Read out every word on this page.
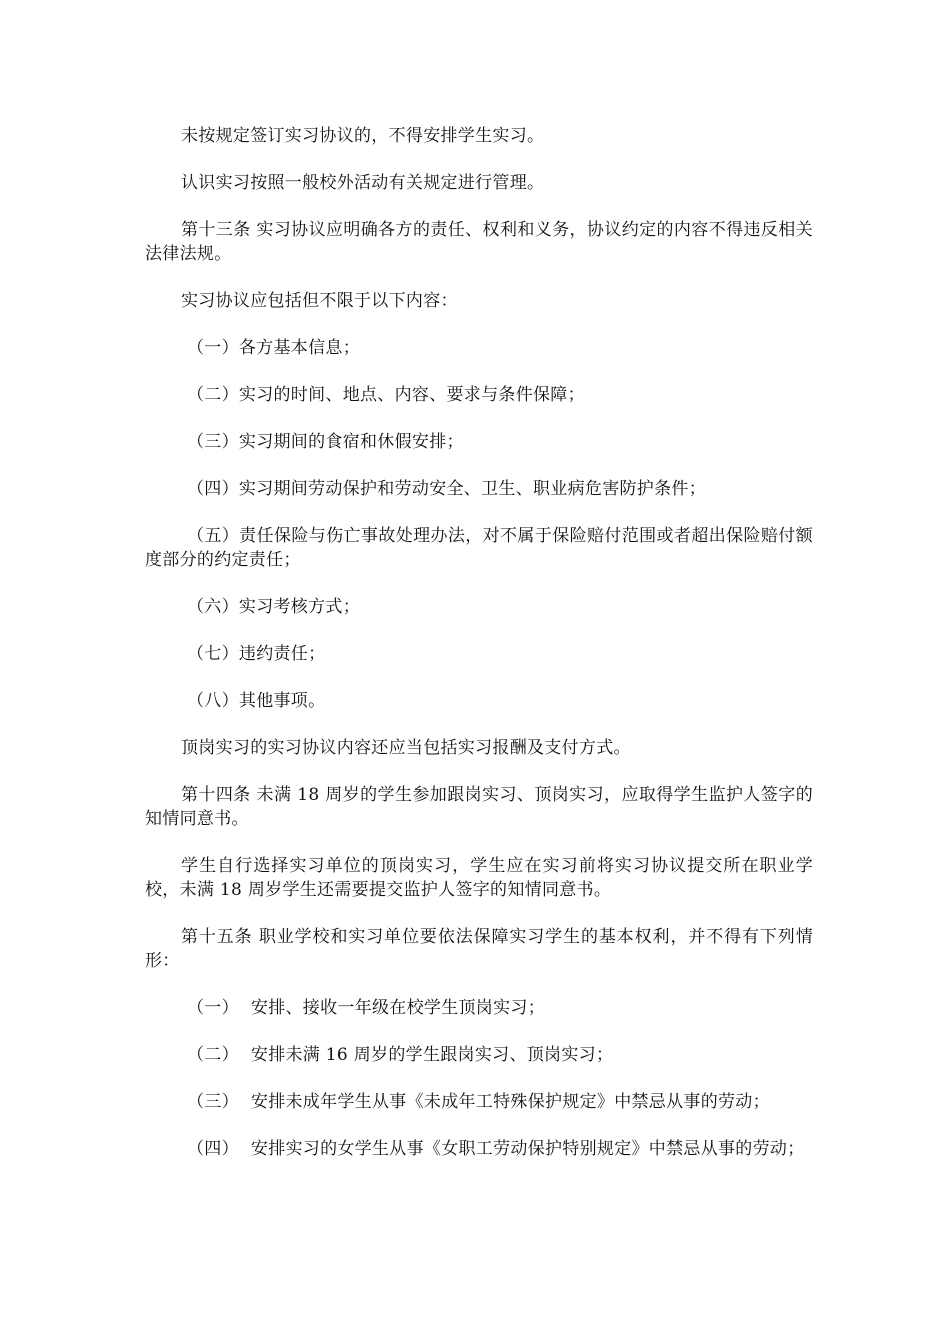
未按规定签订实习协议的，不得安排学生实习。

认识实习按照一般校外活动有关规定进行管理。

第十三条 实习协议应明确各方的责任、权利和义务，协议约定的内容不得违反相关法律法规。

实习协议应包括但不限于以下内容：

（一）各方基本信息；

（二）实习的时间、地点、内容、要求与条件保障；

（三）实习期间的食宿和休假安排；

（四）实习期间劳动保护和劳动安全、卫生、职业病危害防护条件；

（五）责任保险与伤亡事故处理办法，对不属于保险赔付范围或者超出保险赔付额度部分的约定责任；

（六）实习考核方式；

（七）违约责任；

（八）其他事项。

顶岗实习的实习协议内容还应当包括实习报酬及支付方式。

第十四条 未满 18 周岁的学生参加跟岗实习、顶岗实习，应取得学生监护人签字的知情同意书。

学生自行选择实习单位的顶岗实习，学生应在实习前将实习协议提交所在职业学校，未满 18 周岁学生还需要提交监护人签字的知情同意书。

第十五条 职业学校和实习单位要依法保障实习学生的基本权利，并不得有下列情形：

（一） 安排、接收一年级在校学生顶岗实习；

（二） 安排未满 16 周岁的学生跟岗实习、顶岗实习；

（三） 安排未成年学生从事《未成年工特殊保护规定》中禁忌从事的劳动；

（四） 安排实习的女学生从事《女职工劳动保护特别规定》中禁忌从事的劳动；
